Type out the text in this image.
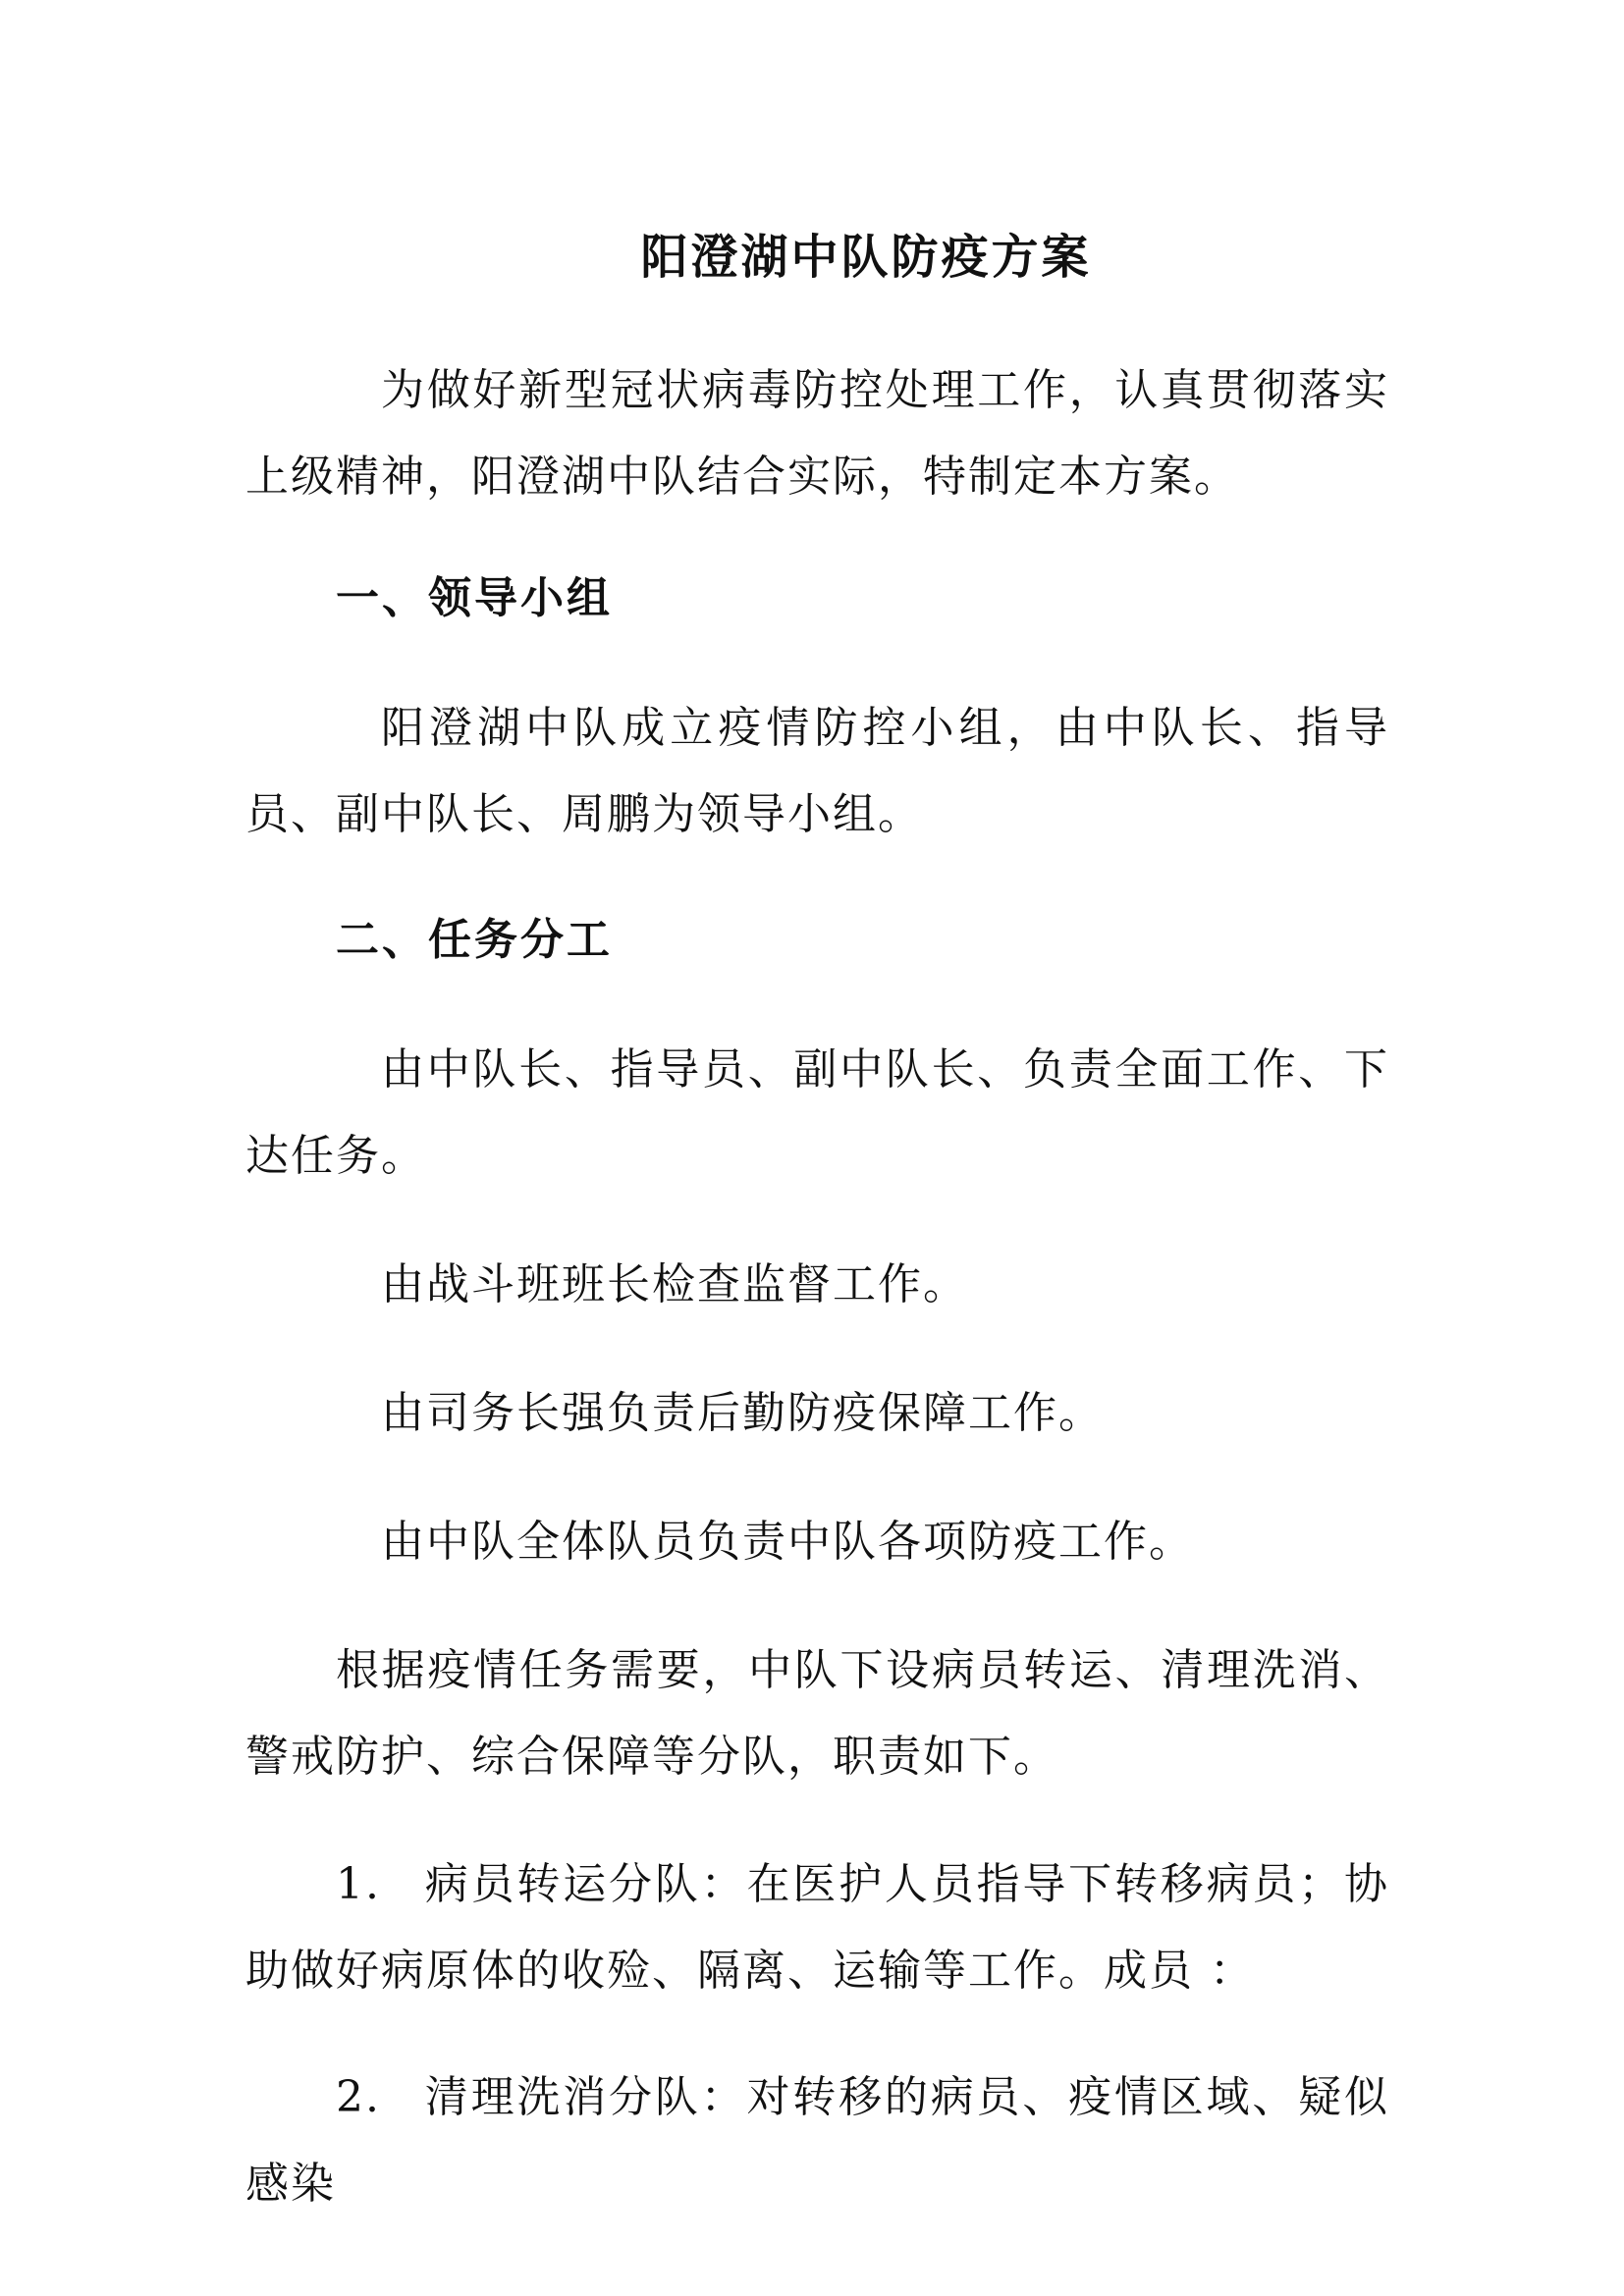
阳澄湖中队防疫方案
为做好新型冠状病毒防控处理工作，认真贯彻落实上级精神，阳澄湖中队结合实际，特制定本方案。
一、领导小组
阳澄湖中队成立疫情防控小组，由中队长、指导员、副中队长、周鹏为领导小组。
二、任务分工
由中队长、指导员、副中队长、负责全面工作、下达任务。
由战斗班班长检查监督工作。
由司务长强负责后勤防疫保障工作。
由中队全体队员负责中队各项防疫工作。
根据疫情任务需要，中队下设病员转运、清理洗消、警戒防护、综合保障等分队，职责如下。
1. 病员转运分队：在医护人员指导下转移病员；协助做好病原体的收殓、隔离、运输等工作。成员 ：
2. 清理洗消分队：对转移的病员、疫情区域、疑似感染
